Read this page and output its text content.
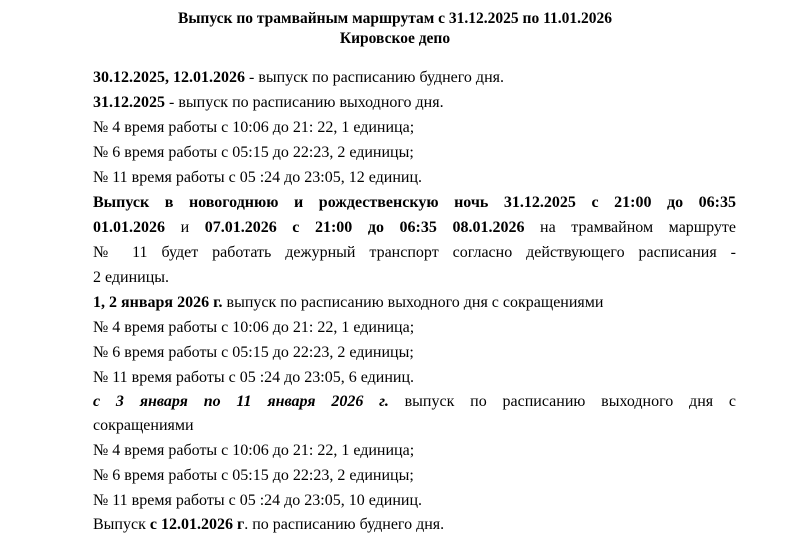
Выпуск по трамвайным маршрутам с 31.12.2025 по 11.01.2026
Кировское депо
30.12.2025, 12.01.2026 - выпуск по расписанию буднего дня.
31.12.2025 - выпуск по расписанию выходного дня.
№ 4 время работы с 10:06 до 21: 22, 1 единица;
№ 6 время работы с 05:15 до 22:23, 2 единицы;
№ 11 время работы с 05 :24 до 23:05, 12 единиц.
Выпуск в новогоднюю и рождественскую ночь 31.12.2025 с 21:00 до 06:35
01.01.2026 и 07.01.2026 с 21:00 до 06:35 08.01.2026 на трамвайном маршруте
№ 11 будет работать дежурный транспорт согласно действующего расписания -
2 единицы.
1, 2 января 2026 г. выпуск по расписанию выходного дня с сокращениями
№ 4 время работы с 10:06 до 21: 22, 1 единица;
№ 6 время работы с 05:15 до 22:23, 2 единицы;
№ 11 время работы с 05 :24 до 23:05, 6 единиц.
с 3 января по 11 января 2026 г. выпуск по расписанию выходного дня с
сокращениями
№ 4 время работы с 10:06 до 21: 22, 1 единица;
№ 6 время работы с 05:15 до 22:23, 2 единицы;
№ 11 время работы с 05 :24 до 23:05, 10 единиц.
Выпуск с 12.01.2026 г. по расписанию буднего дня.
